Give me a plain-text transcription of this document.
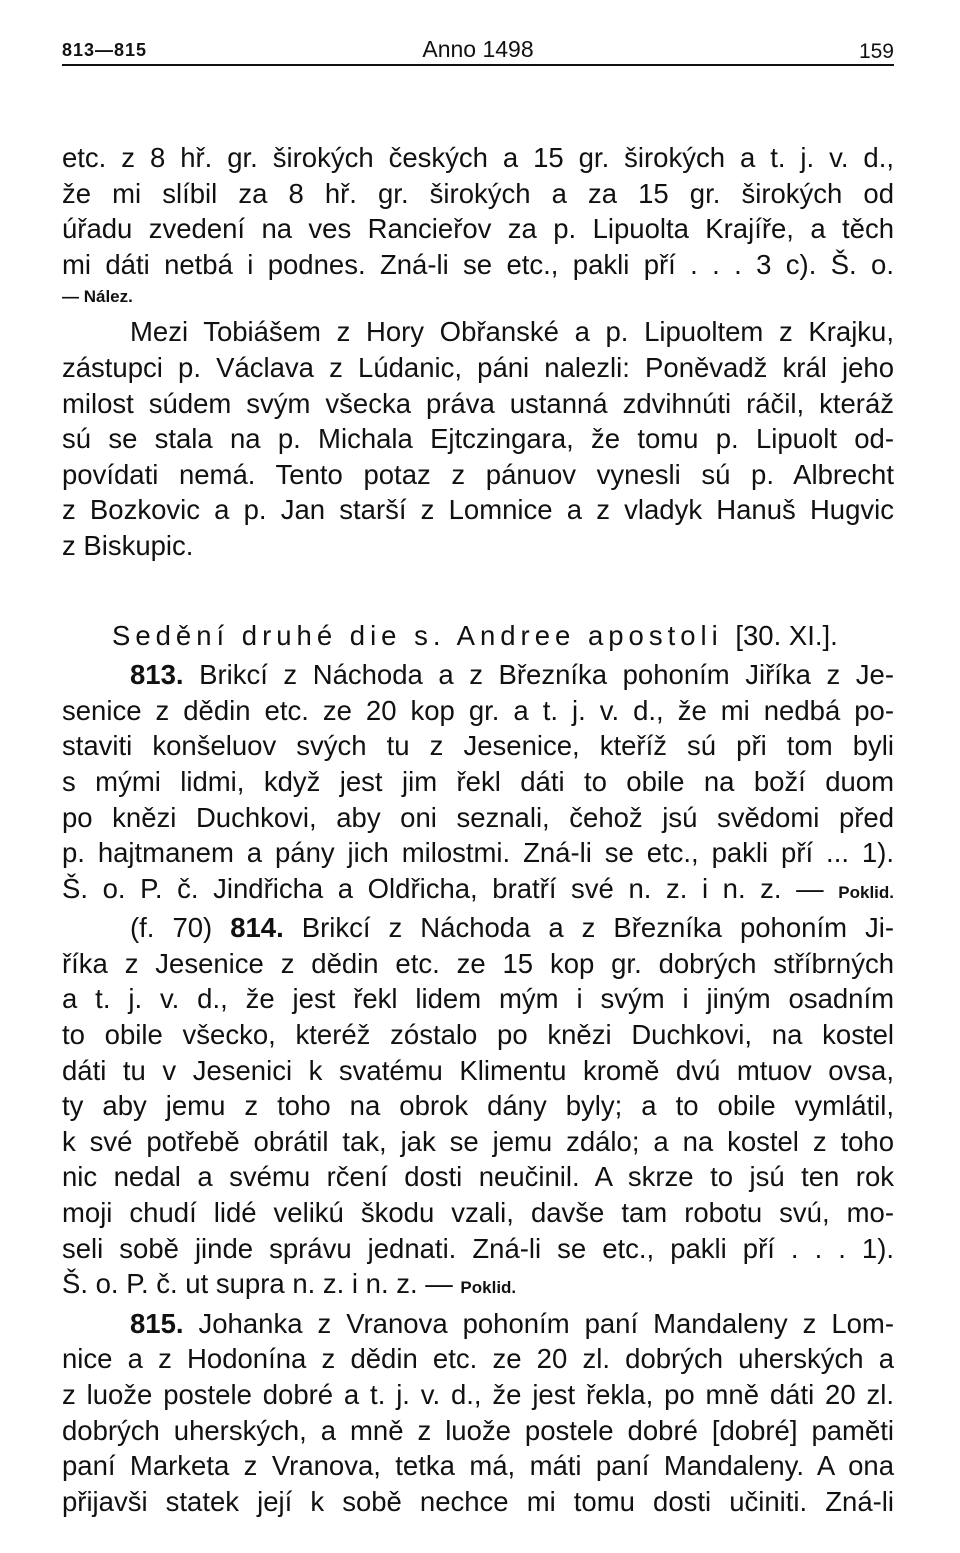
813—815	Anno 1498	159

etc. z 8 hř. gr. širokých českých a 15 gr. širokých a t. j. v. d.,
že mi slíbil za 8 hř. gr. širokých a za 15 gr. širokých od
úřadu zvedení na ves Rancieřov za p. Lipuolta Krajíře, a těch
mi dáti netbá i podnes. Zná-li se etc., pakli pří . . . 3 c). Š. o.

— Nález.

Mezi Tobiášem z Hory Obřanské a p. Lipuoltem z Krajku,
zástupci p. Václava z Lúdanic, páni nalezli: Poněvadž král jeho
milost súdem svým všecka práva ustanná zdvihnúti ráčil, kteráž
sú se stala na p. Michala Ejtczingara, že tomu p. Lipuolt od-
povídati nemá. Tento potaz z pánuov vynesli sú p. Albrecht
z Bozkovic a p. Jan starší z Lomnice a z vladyk Hanuš Hugvic
z Biskupic.

Sedění druhé die s. Andree apostoli [30. XI.].

813. Brikcí z Náchoda a z Březníka pohoním Jiříka z Je-
senice z dědin etc. ze 20 kop gr. a t. j. v. d., že mi nedbá po-
staviti konšeluov svých tu z Jesenice, kteříž sú při tom byli
s mými lidmi, když jest jim řekl dáti to obile na boží duom
po knězi Duchkovi, aby oni seznali, čehož jsú svědomi před
p. hajtmanem a pány jich milostmi. Zná-li se etc., pakli pří ... 1).
Š. o. P. č. Jindřicha a Oldřicha, bratří své n. z. i n. z. — Poklid.

(f. 70) 814. Brikcí z Náchoda a z Březníka pohoním Ji-
říka z Jesenice z dědin etc. ze 15 kop gr. dobrých stříbrných
a t. j. v. d., že jest řekl lidem mým i svým i jiným osadním
to obile všecko, kteréž zóstalo po knězi Duchkovi, na kostel
dáti tu v Jesenici k svatému Klimentu kromě dvú mtuov ovsa,
ty aby jemu z toho na obrok dány byly; a to obile vymlátil,
k své potřebě obrátil tak, jak se jemu zdálo; a na kostel z toho
nic nedal a svému rčení dosti neučinil. A skrze to jsú ten rok
moji chudí lidé velikú škodu vzali, davše tam robotu svú, mo-
seli sobě jinde správu jednati. Zná-li se etc., pakli pří . . . 1).
Š. o. P. č. ut supra n. z. i n. z. — Poklid.

815. Johanka z Vranova pohoním paní Mandaleny z Lom-
nice a z Hodonína z dědin etc. ze 20 zl. dobrých uherských a
z luože postele dobré a t. j. v. d., že jest řekla, po mně dáti 20 zl.
dobrých uherských, a mně z luože postele dobré [dobré] paměti
paní Marketa z Vranova, tetka má, máti paní Mandaleny. A ona
přijavši statek její k sobě nechce mi tomu dosti učiniti. Zná-li
